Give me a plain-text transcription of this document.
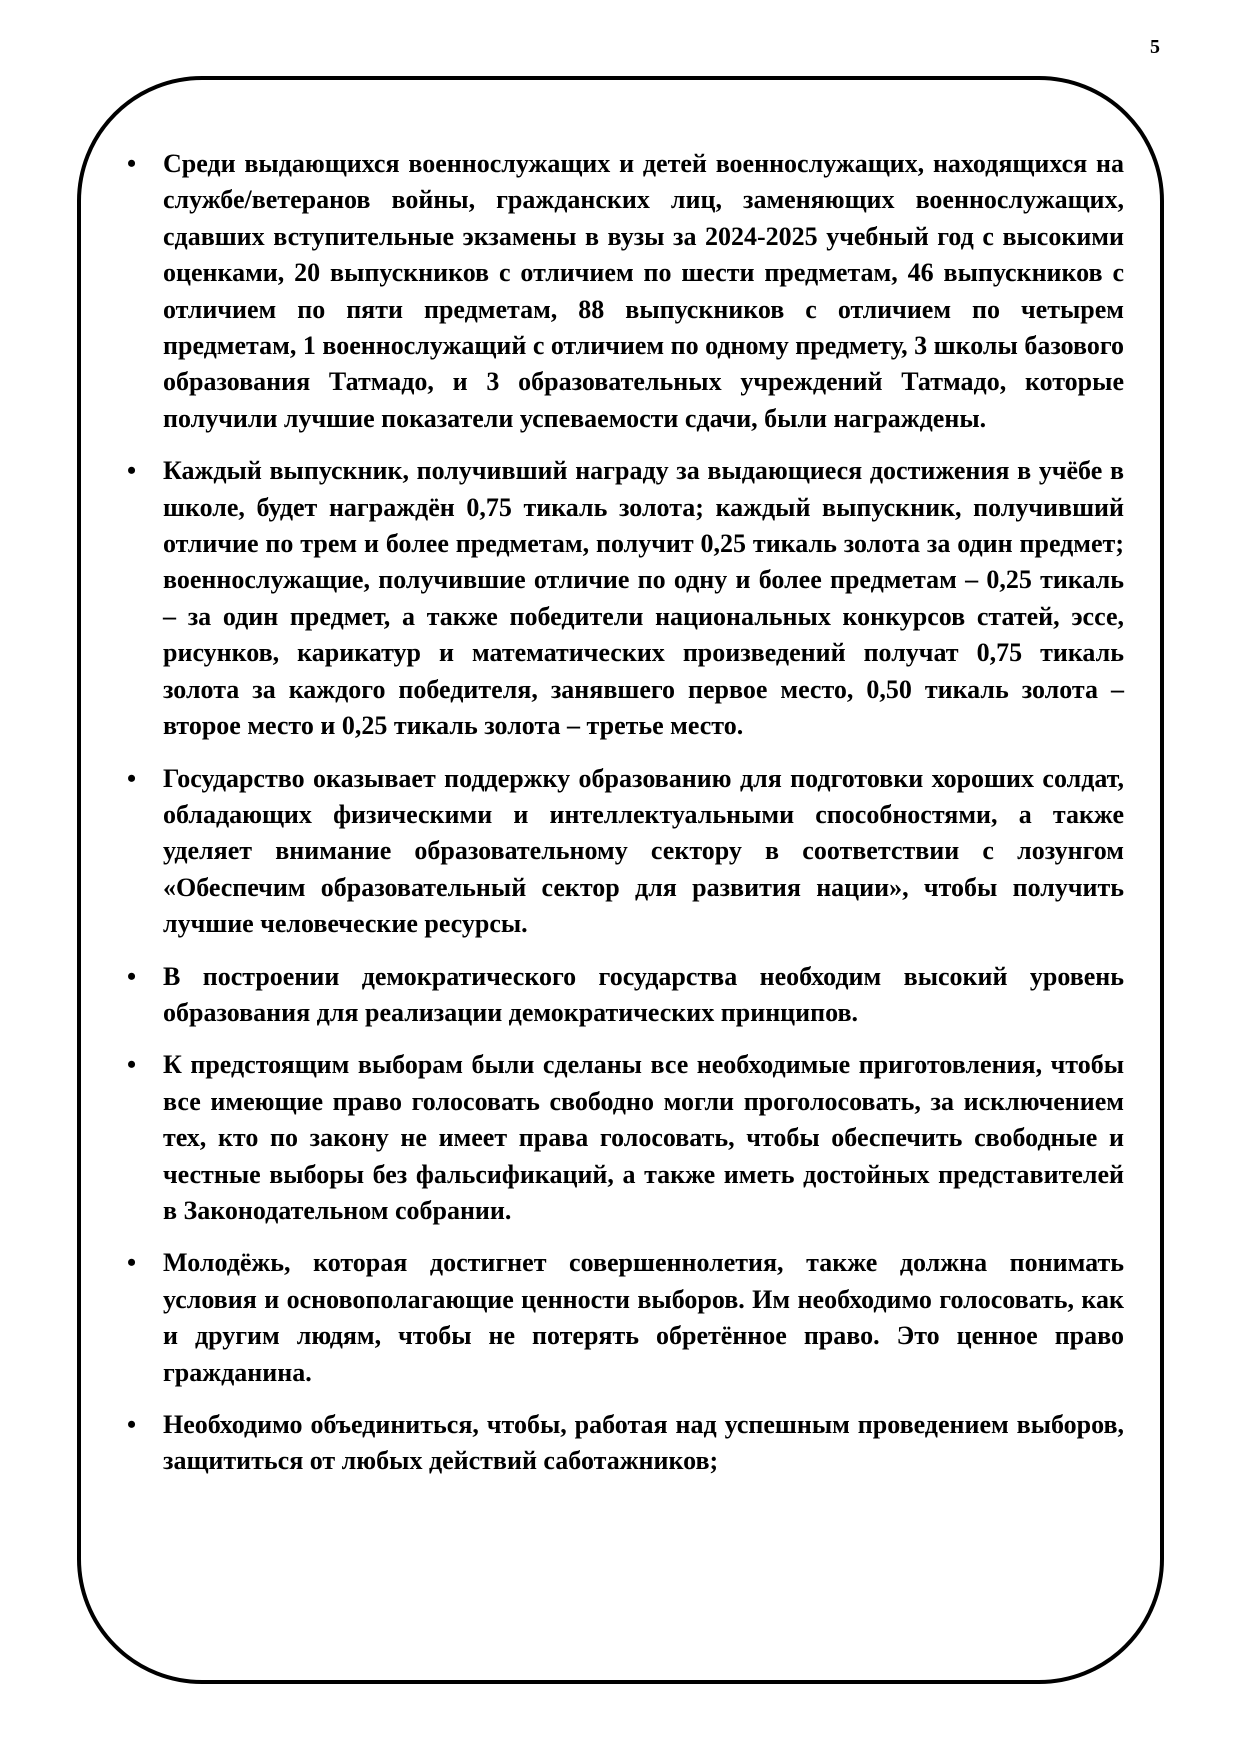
5
• Среди выдающихся военнослужащих и детей военнослужащих, находящихся на службе/ветеранов войны, гражданских лиц, заменяющих военнослужащих, сдавших вступительные экзамены в вузы за 2024-2025 учебный год с высокими оценками, 20 выпускников с отличием по шести предметам, 46 выпускников с отличием по пяти предметам, 88 выпускников с отличием по четырем предметам, 1 военнослужащий с отличием по одному предмету, 3 школы базового образования Татмадо, и 3 образовательных учреждений Татмадо, которые получили лучшие показатели успеваемости сдачи, были награждены.
• Каждый выпускник, получивший награду за выдающиеся достижения в учёбе в школе, будет награждён 0,75 тикаль золота; каждый выпускник, получивший отличие по трем и более предметам, получит 0,25 тикаль золота за один предмет; военнослужащие, получившие отличие по одну и более предметам – 0,25 тикаль – за один предмет, а также победители национальных конкурсов статей, эссе, рисунков, карикатур и математических произведений получат 0,75 тикаль золота за каждого победителя, занявшего первое место, 0,50 тикаль золота – второе место и 0,25 тикаль золота – третье место.
• Государство оказывает поддержку образованию для подготовки хороших солдат, обладающих физическими и интеллектуальными способностями, а также уделяет внимание образовательному сектору в соответствии с лозунгом «Обеспечим образовательный сектор для развития нации», чтобы получить лучшие человеческие ресурсы.
• В построении демократического государства необходим высокий уровень образования для реализации демократических принципов.
• К предстоящим выборам были сделаны все необходимые приготовления, чтобы все имеющие право голосовать свободно могли проголосовать, за исключением тех, кто по закону не имеет права голосовать, чтобы обеспечить свободные и честные выборы без фальсификаций, а также иметь достойных представителей в Законодательном собрании.
• Молодёжь, которая достигнет совершеннолетия, также должна понимать условия и основополагающие ценности выборов. Им необходимо голосовать, как и другим людям, чтобы не потерять обретённое право. Это ценное право гражданина.
• Необходимо объединиться, чтобы, работая над успешным проведением выборов, защититься от любых действий саботажников;
